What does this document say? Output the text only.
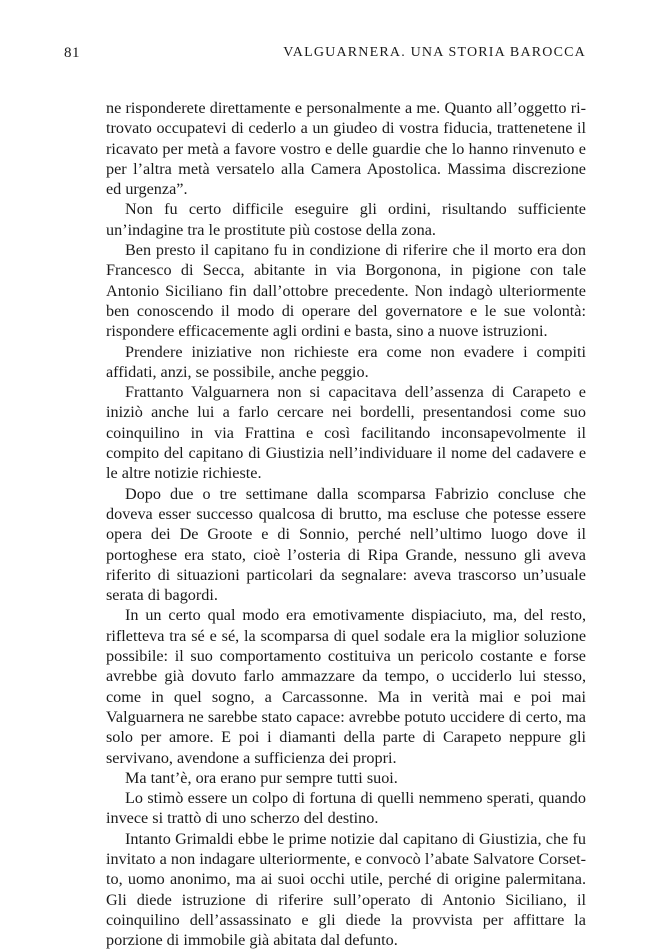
81	VALGUARNERA. UNA STORIA BAROCCA

ne risponderete direttamente e personalmente a me. Quanto all’oggetto ritrovato occupatevi di cederlo a un giudeo di vostra fiducia, trattenetene il ricavato per metà a favore vostro e delle guardie che lo hanno rinvenuto e per l’altra metà versatelo alla Camera Apostolica. Massima discrezione ed urgenza”.

Non fu certo difficile eseguire gli ordini, risultando sufficiente un’indagine tra le prostitute più costose della zona.

Ben presto il capitano fu in condizione di riferire che il morto era don Francesco di Secca, abitante in via Borgonona, in pigione con tale Antonio Siciliano fin dall’ottobre precedente. Non indagò ulteriormente ben conoscendo il modo di operare del governatore e le sue volontà: rispondere efficacemente agli ordini e basta, sino a nuove istruzioni.

Prendere iniziative non richieste era come non evadere i compiti affidati, anzi, se possibile, anche peggio.

Frattanto Valguarnera non si capacitava dell’assenza di Carapeto e iniziò anche lui a farlo cercare nei bordelli, presentandosi come suo coinquilino in via Frattina e così facilitando inconsapevolmente il compito del capitano di Giustizia nell’individuare il nome del cadavere e le altre notizie richieste.

Dopo due o tre settimane dalla scomparsa Fabrizio concluse che doveva esser successo qualcosa di brutto, ma escluse che potesse essere opera dei De Groote e di Sonnio, perché nell’ultimo luogo dove il portoghese era stato, cioè l’osteria di Ripa Grande, nessuno gli aveva riferito di situazioni particolari da segnalare: aveva trascorso un’usuale serata di bagordi.

In un certo qual modo era emotivamente dispiaciuto, ma, del resto, rifletteva tra sé e sé, la scomparsa di quel sodale era la miglior soluzione possibile: il suo comportamento costituiva un pericolo costante e forse avrebbe già dovuto farlo ammazzare da tempo, o ucciderlo lui stesso, come in quel sogno, a Carcassonne. Ma in verità mai e poi mai Valguarnera ne sarebbe stato capace: avrebbe potuto uccidere di certo, ma solo per amore. E poi i diamanti della parte di Carapeto neppure gli servivano, avendone a sufficienza dei propri.

Ma tant’è, ora erano pur sempre tutti suoi.

Lo stimò essere un colpo di fortuna di quelli nemmeno sperati, quando invece si trattò di uno scherzo del destino.

Intanto Grimaldi ebbe le prime notizie dal capitano di Giustizia, che fu invitato a non indagare ulteriormente, e convocò l’abate Salvatore Corsetto, uomo anonimo, ma ai suoi occhi utile, perché di origine palermitana. Gli diede istruzione di riferire sull’operato di Antonio Siciliano, il coinquilino dell’assassinato e gli diede la provvista per affittare la porzione di immobile già abitata dal defunto.
